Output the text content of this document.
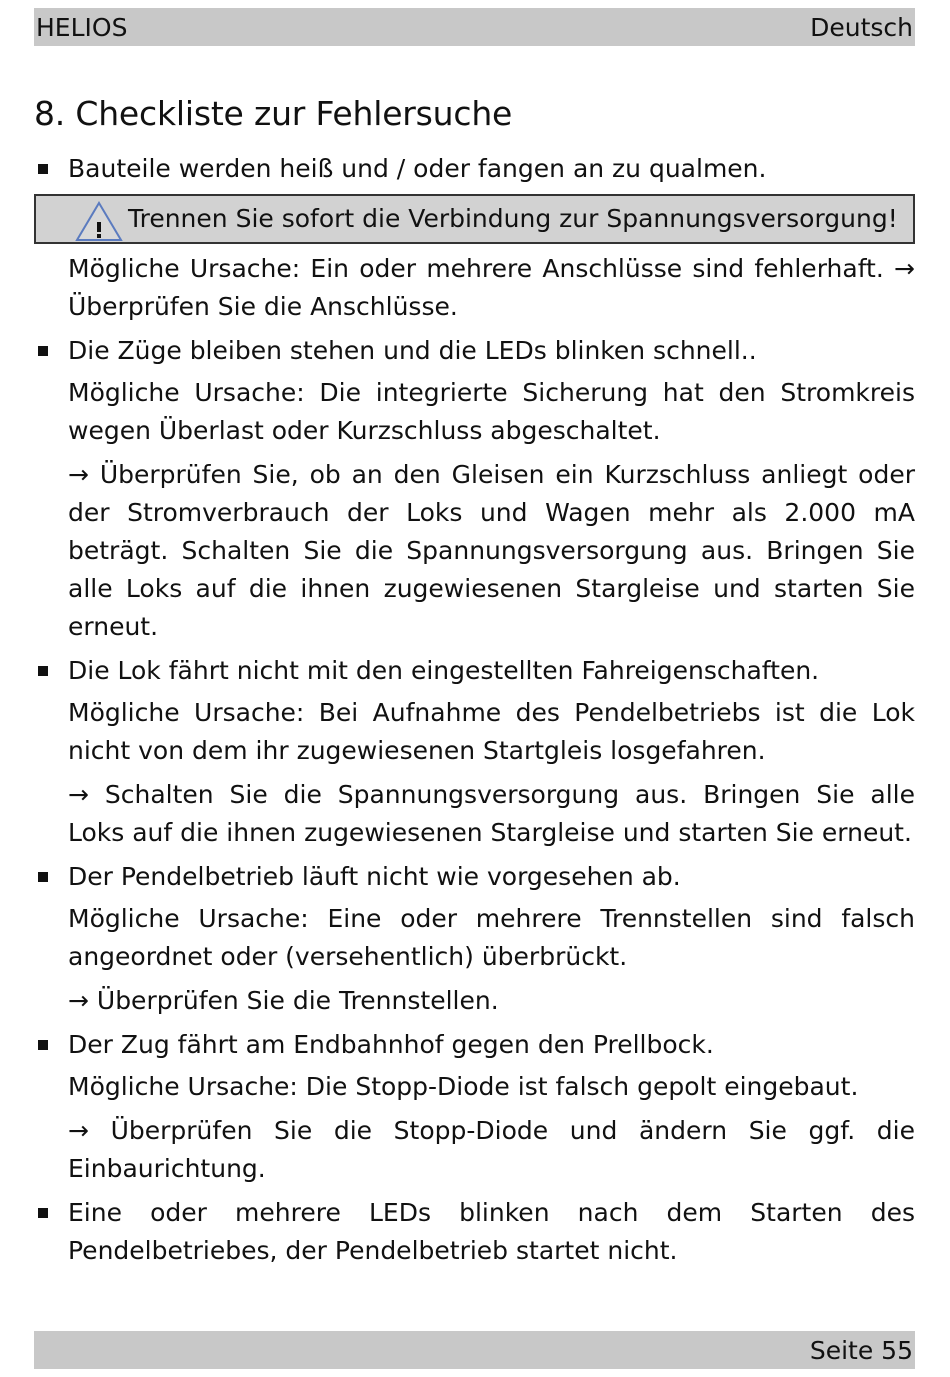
HELIOS	Deutsch
8. Checkliste zur Fehlersuche
Bauteile werden heiß und / oder fangen an zu qualmen.
Trennen Sie sofort die Verbindung zur Spannungsversorgung!

Mögliche Ursache: Ein oder mehrere Anschlüsse sind fehlerhaft. → Überprüfen Sie die Anschlüsse.

Die Züge bleiben stehen und die LEDs blinken schnell..

Mögliche Ursache: Die integrierte Sicherung hat den Stromkreis wegen Überlast oder Kurzschluss abgeschaltet.

→ Überprüfen Sie, ob an den Gleisen ein Kurzschluss anliegt oder der Stromverbrauch der Loks und Wagen mehr als 2.000 mA beträgt. Schalten Sie die Spannungsversorgung aus. Bringen Sie alle Loks auf die ihnen zugewiesenen Stargleise und starten Sie erneut.

Die Lok fährt nicht mit den eingestellten Fahreigenschaften.

Mögliche Ursache: Bei Aufnahme des Pendelbetriebs ist die Lok nicht von dem ihr zugewiesenen Startgleis losgefahren.

→ Schalten Sie die Spannungsversorgung aus. Bringen Sie alle Loks auf die ihnen zugewiesenen Stargleise und starten Sie erneut.

Der Pendelbetrieb läuft nicht wie vorgesehen ab.

Mögliche Ursache: Eine oder mehrere Trennstellen sind falsch angeordnet oder (versehentlich) überbrückt.

→ Überprüfen Sie die Trennstellen.

Der Zug fährt am Endbahnhof gegen den Prellbock.

Mögliche Ursache: Die Stopp-Diode ist falsch gepolt eingebaut.

→ Überprüfen Sie die Stopp-Diode und ändern Sie ggf. die Einbaurichtung.

Eine oder mehrere LEDs blinken nach dem Starten des Pendelbetriebes, der Pendelbetrieb startet nicht.
Seite 55
